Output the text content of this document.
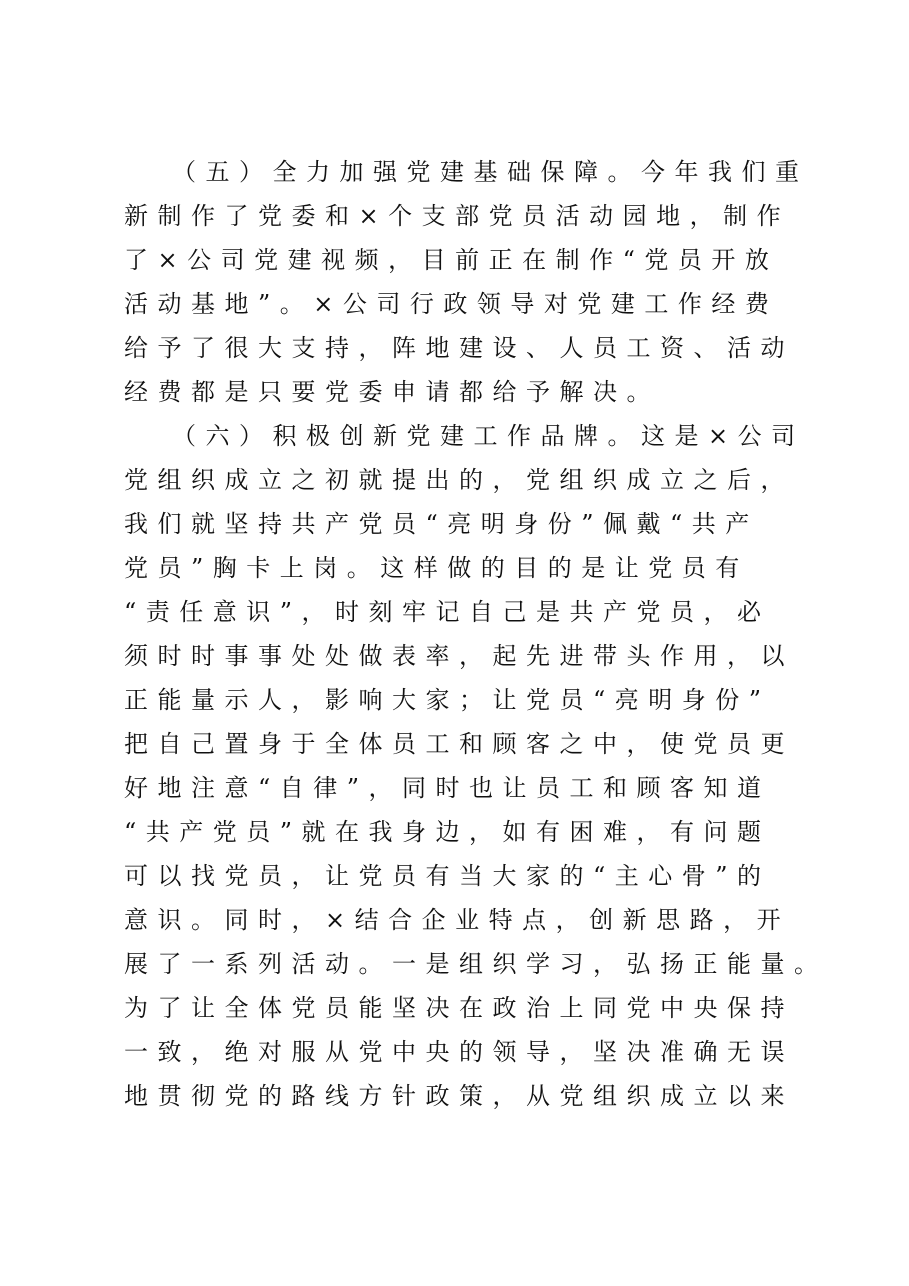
（五）全力加强党建基础保障。今年我们重
新制作了党委和×个支部党员活动园地，制作
了×公司党建视频，目前正在制作“党员开放
活动基地”。×公司行政领导对党建工作经费
给予了很大支持，阵地建设、人员工资、活动
经费都是只要党委申请都给予解决。
（六）积极创新党建工作品牌。这是×公司
党组织成立之初就提出的，党组织成立之后，
我们就坚持共产党员“亮明身份”佩戴“共产
党员”胸卡上岗。这样做的目的是让党员有
“责任意识”，时刻牢记自己是共产党员，必
须时时事事处处做表率，起先进带头作用，以
正能量示人，影响大家；让党员“亮明身份”
把自己置身于全体员工和顾客之中，使党员更
好地注意“自律”，同时也让员工和顾客知道
“共产党员”就在我身边，如有困难，有问题
可以找党员，让党员有当大家的“主心骨”的
意识。同时，×结合企业特点，创新思路，开
展了一系列活动。一是组织学习，弘扬正能量。
为了让全体党员能坚决在政治上同党中央保持
一致，绝对服从党中央的领导，坚决准确无误
地贯彻党的路线方针政策，从党组织成立以来
